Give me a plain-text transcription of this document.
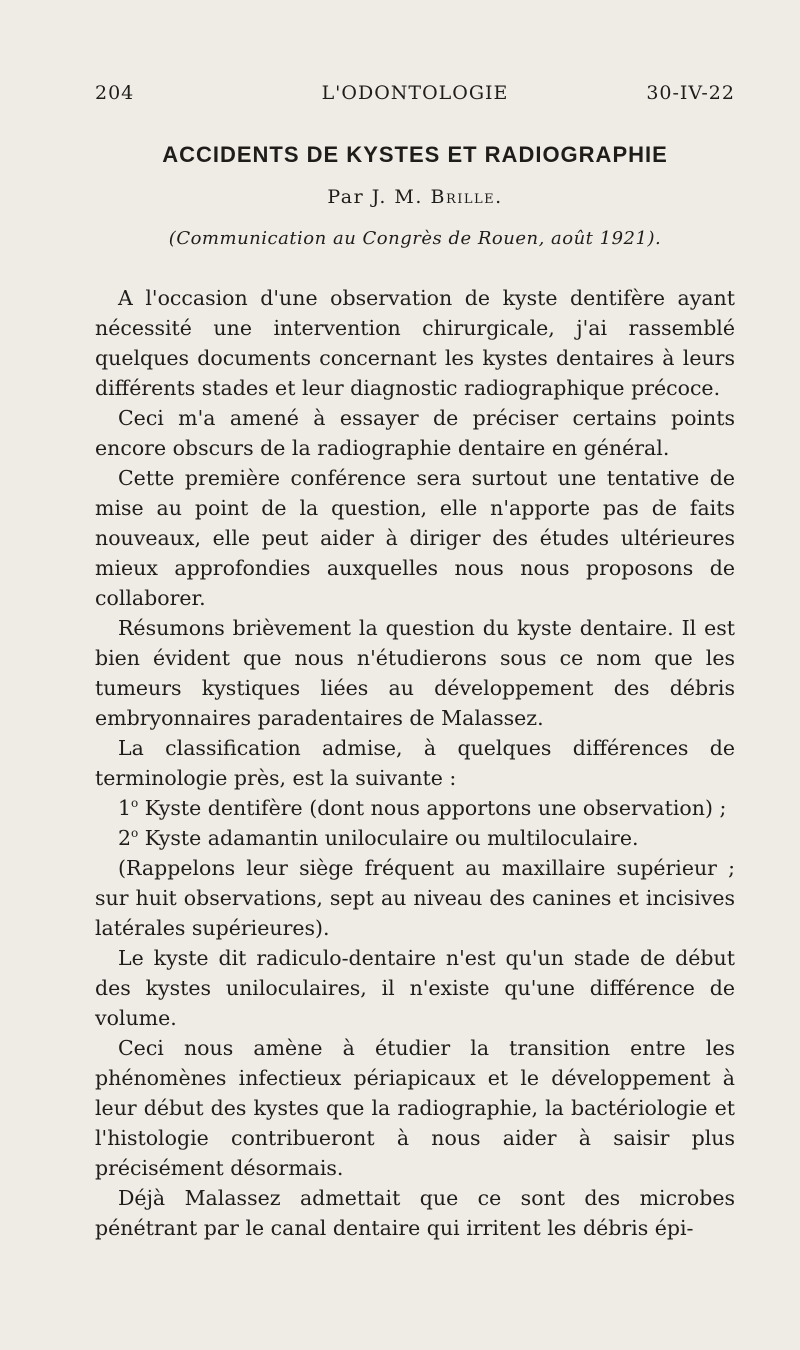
204	L'ODONTOLOGIE	30-IV-22
ACCIDENTS DE KYSTES ET RADIOGRAPHIE
Par J. M. Brille.
(Communication au Congrès de Rouen, août 1921).

A l'occasion d'une observation de kyste dentifère ayant nécessité une intervention chirurgicale, j'ai rassemblé quelques documents concernant les kystes dentaires à leurs différents stades et leur diagnostic radiographique précoce.

Ceci m'a amené à essayer de préciser certains points encore obscurs de la radiographie dentaire en général.

Cette première conférence sera surtout une tentative de mise au point de la question, elle n'apporte pas de faits nouveaux, elle peut aider à diriger des études ultérieures mieux approfondies auxquelles nous nous proposons de collaborer.

Résumons brièvement la question du kyste dentaire. Il est bien évident que nous n'étudierons sous ce nom que les tumeurs kystiques liées au développement des débris embryonnaires paradentaires de Malassez.

La classification admise, à quelques différences de terminologie près, est la suivante :

1$^o$ Kyste dentifère (dont nous apportons une observation) ;

2$^o$ Kyste adamantin uniloculaire ou multiloculaire.

(Rappelons leur siège fréquent au maxillaire supérieur ; sur huit observations, sept au niveau des canines et incisives latérales supérieures).

Le kyste dit radiculo-dentaire n'est qu'un stade de début des kystes uniloculaires, il n'existe qu'une différence de volume.

Ceci nous amène à étudier la transition entre les phénomènes infectieux périapicaux et le développement à leur début des kystes que la radiographie, la bactériologie et l'histologie contribueront à nous aider à saisir plus précisément désormais.

Déjà Malassez admettait que ce sont des microbes pénétrant par le canal dentaire qui irritent les débris épi-
